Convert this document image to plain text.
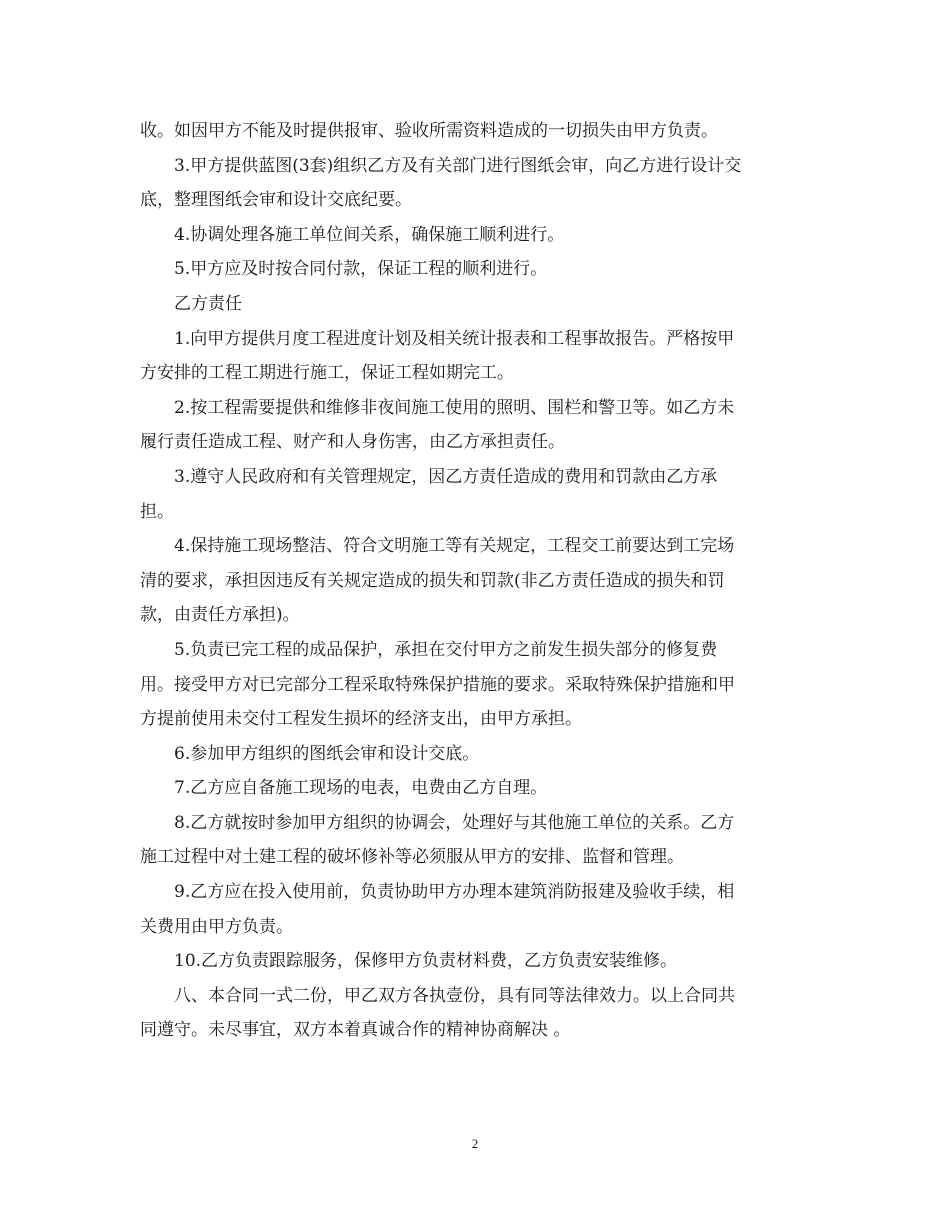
收。如因甲方不能及时提供报审、验收所需资料造成的一切损失由甲方负责。
3.甲方提供蓝图(3套)组织乙方及有关部门进行图纸会审，向乙方进行设计交
底，整理图纸会审和设计交底纪要。
4.协调处理各施工单位间关系，确保施工顺利进行。
5.甲方应及时按合同付款，保证工程的顺利进行。
乙方责任
1.向甲方提供月度工程进度计划及相关统计报表和工程事故报告。严格按甲
方安排的工程工期进行施工，保证工程如期完工。
2.按工程需要提供和维修非夜间施工使用的照明、围栏和警卫等。如乙方未
履行责任造成工程、财产和人身伤害，由乙方承担责任。
3.遵守人民政府和有关管理规定，因乙方责任造成的费用和罚款由乙方承
担。
4.保持施工现场整洁、符合文明施工等有关规定，工程交工前要达到工完场
清的要求，承担因违反有关规定造成的损失和罚款(非乙方责任造成的损失和罚
款，由责任方承担)。
5.负责已完工程的成品保护，承担在交付甲方之前发生损失部分的修复费
用。接受甲方对已完部分工程采取特殊保护措施的要求。采取特殊保护措施和甲
方提前使用未交付工程发生损坏的经济支出，由甲方承担。
6.参加甲方组织的图纸会审和设计交底。
7.乙方应自备施工现场的电表，电费由乙方自理。
8.乙方就按时参加甲方组织的协调会，处理好与其他施工单位的关系。乙方
施工过程中对土建工程的破坏修补等必须服从甲方的安排、监督和管理。
9.乙方应在投入使用前，负责协助甲方办理本建筑消防报建及验收手续，相
关费用由甲方负责。
10.乙方负责跟踪服务，保修甲方负责材料费，乙方负责安装维修。
八、本合同一式二份，甲乙双方各执壹份，具有同等法律效力。以上合同共
同遵守。未尽事宜，双方本着真诚合作的精神协商解决 。
2
